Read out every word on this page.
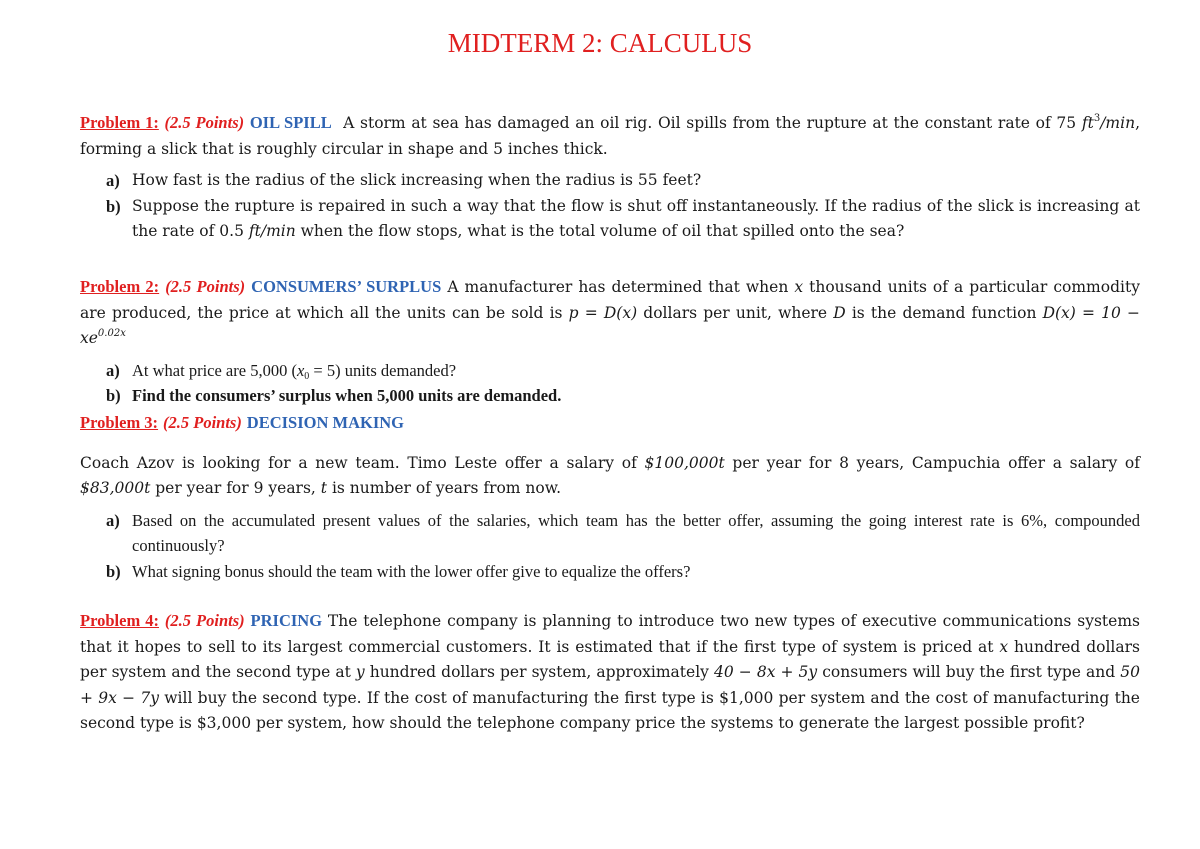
MIDTERM 2: CALCULUS

Problem 1: (2.5 Points) OIL SPILL A storm at sea has damaged an oil rig. Oil spills from the rupture at the constant rate of 75 $ft^3/\min$, forming a slick that is roughly circular in shape and 5 inches thick.

a) How fast is the radius of the slick increasing when the radius is 55 feet?
b) Suppose the rupture is repaired in such a way that the flow is shut off instantaneously. If the radius of the slick is increasing at the rate of 0.5 ft/min when the flow stops, what is the total volume of oil that spilled onto the sea?

Problem 2: (2.5 Points) CONSUMERS’ SURPLUS A manufacturer has determined that when x thousand units of a particular commodity are produced, the price at which all the units can be sold is p = D(x) dollars per unit, where D is the demand function $D(x) = 10 - xe^{0.02x}$

a) At what price are 5,000 $(x_0 = 5)$ units demanded?
b) Find the consumers’ surplus when 5,000 units are demanded.

Problem 3: (2.5 Points) DECISION MAKING

Coach Azov is looking for a new team. Timo Leste offer a salary of $100,000t per year for 8 years, Campuchia offer a salary of $83,000t per year for 9 years, t is number of years from now.

a) Based on the accumulated present values of the salaries, which team has the better offer, assuming the going interest rate is 6%, compounded continuously?
b) What signing bonus should the team with the lower offer give to equalize the offers?

Problem 4: (2.5 Points) PRICING The telephone company is planning to introduce two new types of executive communications systems that it hopes to sell to its largest commercial customers. It is estimated that if the first type of system is priced at x hundred dollars per system and the second type at y hundred dollars per system, approximately 40 − 8x + 5y consumers will buy the first type and 50 + 9x − 7y will buy the second type. If the cost of manufacturing the first type is $1,000 per system and the cost of manufacturing the second type is $3,000 per system, how should the telephone company price the systems to generate the largest possible profit?
